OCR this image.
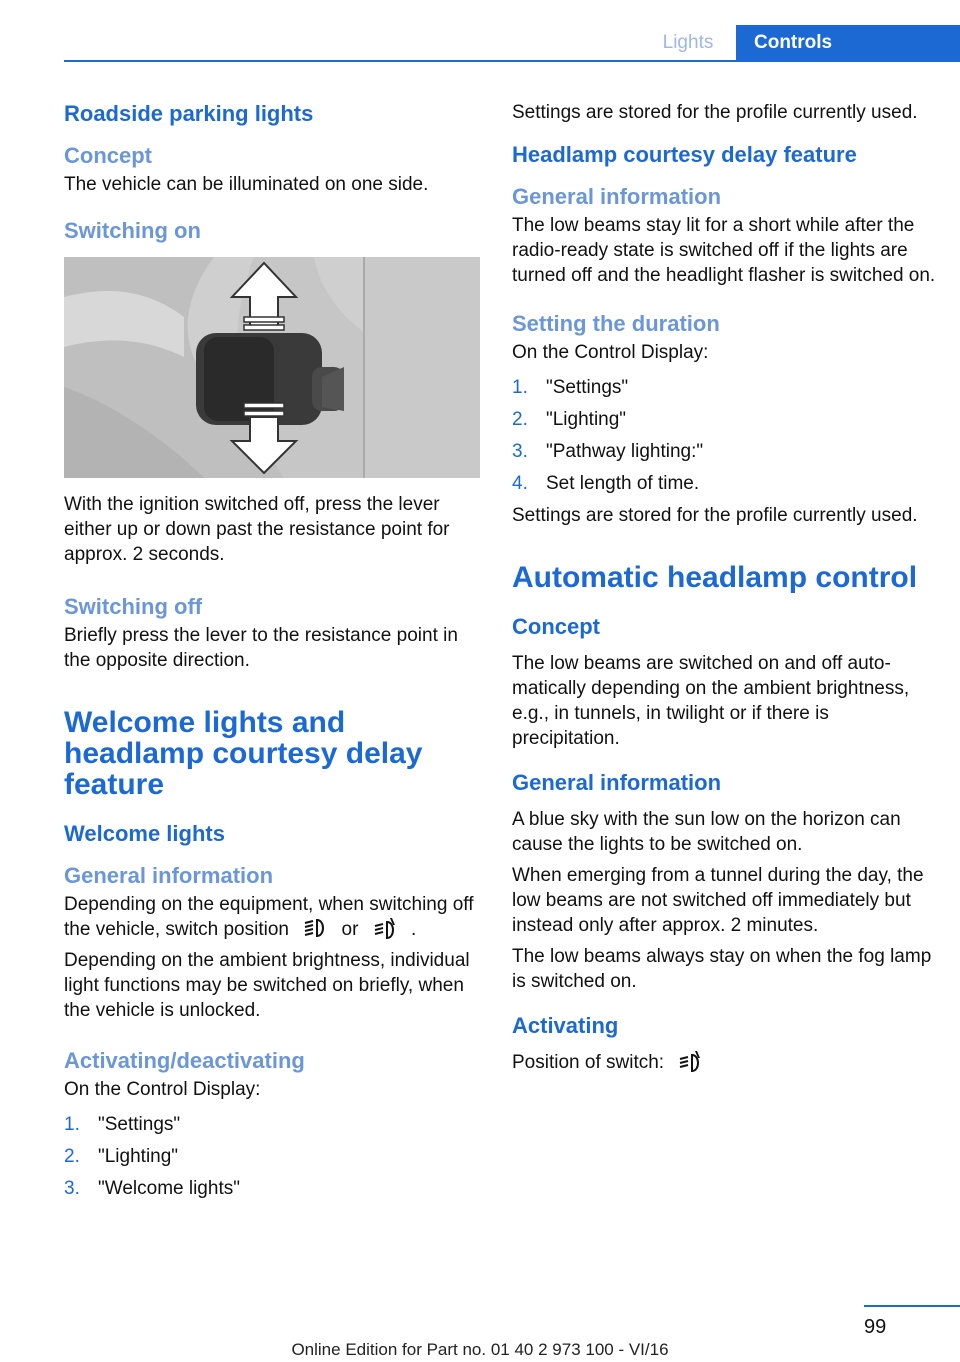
Lights	Controls
Roadside parking lights
Concept
The vehicle can be illuminated on one side.
Switching on
With the ignition switched off, press the lever either up or down past the resistance point for approx. 2 seconds.
Switching off
Briefly press the lever to the resistance point in the opposite direction.
Welcome lights and headlamp courtesy delay feature
Welcome lights
General information
Depending on the equipment, when switching off the vehicle, switch position	or	.
Depending on the ambient brightness, individual light functions may be switched on briefly, when the vehicle is unlocked.
Activating/deactivating
On the Control Display:
1. "Settings"
2. "Lighting"
3. "Welcome lights"
Settings are stored for the profile currently used.
Headlamp courtesy delay feature
General information
The low beams stay lit for a short while after the radio-ready state is switched off if the lights are turned off and the headlight flasher is switched on.
Setting the duration
On the Control Display:
1. "Settings"
2. "Lighting"
3. "Pathway lighting:"
4. Set length of time.
Settings are stored for the profile currently used.
Automatic headlamp control
Concept
The low beams are switched on and off automatically depending on the ambient brightness, e.g., in tunnels, in twilight or if there is precipitation.
General information
A blue sky with the sun low on the horizon can cause the lights to be switched on.
When emerging from a tunnel during the day, the low beams are not switched off immediately but instead only after approx. 2 minutes.
The low beams always stay on when the fog lamp is switched on.
Activating
Position of switch:
99
Online Edition for Part no. 01 40 2 973 100 - VI/16
